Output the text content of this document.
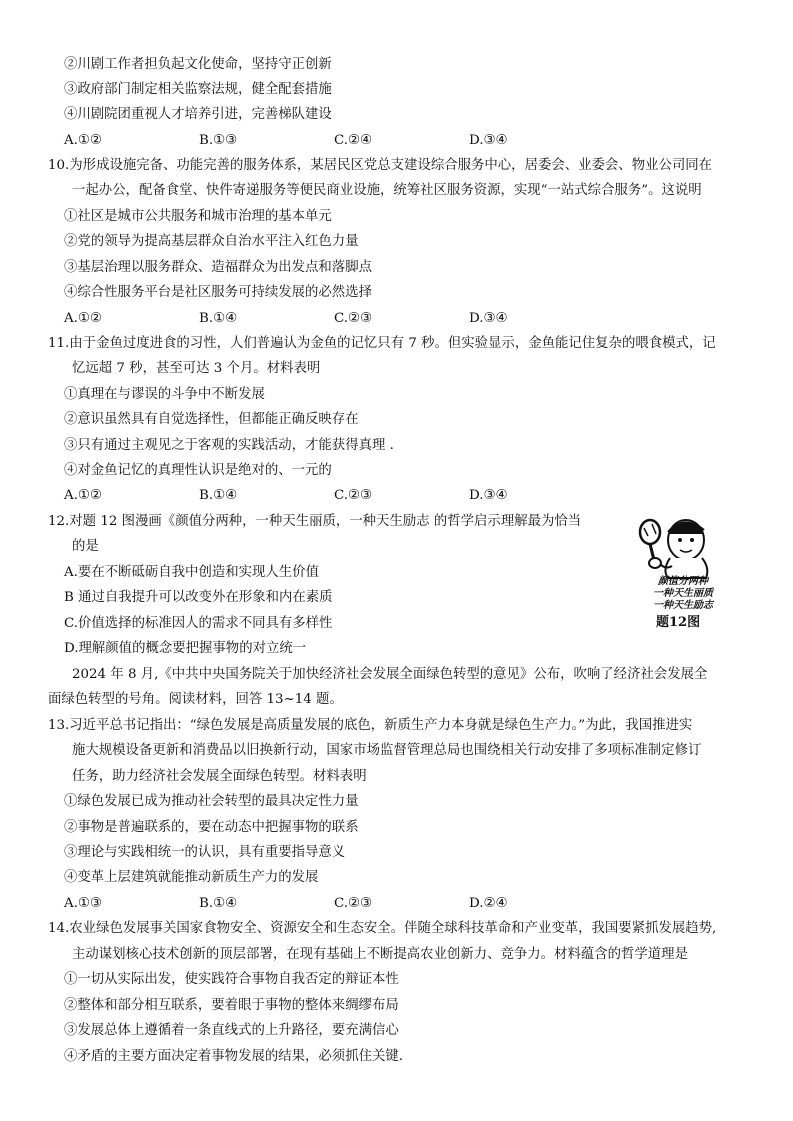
②川剧工作者担负起文化使命，坚持守正创新
③政府部门制定相关监察法规，健全配套措施
④川剧院团重视人才培养引进，完善梯队建设
A.①②	B.①③	C.②④	D.③④
10.为形成设施完备、功能完善的服务体系，某居民区党总支建设综合服务中心，居委会、业委会、物业公司同在
一起办公，配备食堂、快件寄递服务等便民商业设施，统筹社区服务资源，实现“一站式综合服务”。这说明
①社区是城市公共服务和城市治理的基本单元
②党的领导为提高基层群众自治水平注入红色力量
③基层治理以服务群众、造福群众为出发点和落脚点
④综合性服务平台是社区服务可持续发展的必然选择
A.①②	B.①④	C.②③	D.③④
11.由于金鱼过度进食的习性，人们普遍认为金鱼的记忆只有 7 秒。但实验显示，金鱼能记住复杂的喂食模式，记
忆远超 7 秒，甚至可达 3 个月。材料表明
①真理在与谬误的斗争中不断发展
②意识虽然具有自觉选择性，但都能正确反映存在
③只有通过主观见之于客观的实践活动，才能获得真理 .
④对金鱼记忆的真理性认识是绝对的、一元的
A.①②	B.①④	C.②③	D.③④
12.对题 12 图漫画《颜值分两种，一种天生丽质，一种天生励志 的哲学启示理解最为恰当
的是
A.要在不断砥砺自我中创造和实现人生价值
B 通过自我提升可以改变外在形象和内在素质
C.价值选择的标准因人的需求不同具有多样性
D.理解颜值的概念要把握事物的对立统一
颜值分两种
一种天生丽质
一种天生励志
题12图
2024 年 8 月,《中共中央国务院关于加快经济社会发展全面绿色转型的意见》公布，吹响了经济社会发展全
面绿色转型的号角。阅读材料，回答 13~14 题。
13.习近平总书记指出：“绿色发展是高质量发展的底色，新质生产力本身就是绿色生产力。”为此，我国推进实
施大规模设备更新和消费品以旧换新行动，国家市场监督管理总局也围绕相关行动安排了多项标准制定修订
任务，助力经济社会发展全面绿色转型。材料表明
①绿色发展已成为推动社会转型的最具决定性力量
②事物是普遍联系的，要在动态中把握事物的联系
③理论与实践相统一的认识，具有重要指导意义
④变革上层建筑就能推动新质生产力的发展
A.①③	B.①④	C.②③	D.②④
14.农业绿色发展事关国家食物安全、资源安全和生态安全。伴随全球科技革命和产业变革，我国要紧抓发展趋势,
主动谋划核心技术创新的顶层部署，在现有基础上不断提高农业创新力、竞争力。材料蕴含的哲学道理是
①一切从实际出发，使实践符合事物自我否定的辩证本性
②整体和部分相互联系，要着眼于事物的整体来绸缪布局
③发展总体上遵循着一条直线式的上升路径，要充满信心
④矛盾的主要方面决定着事物发展的结果，必须抓住关键.
